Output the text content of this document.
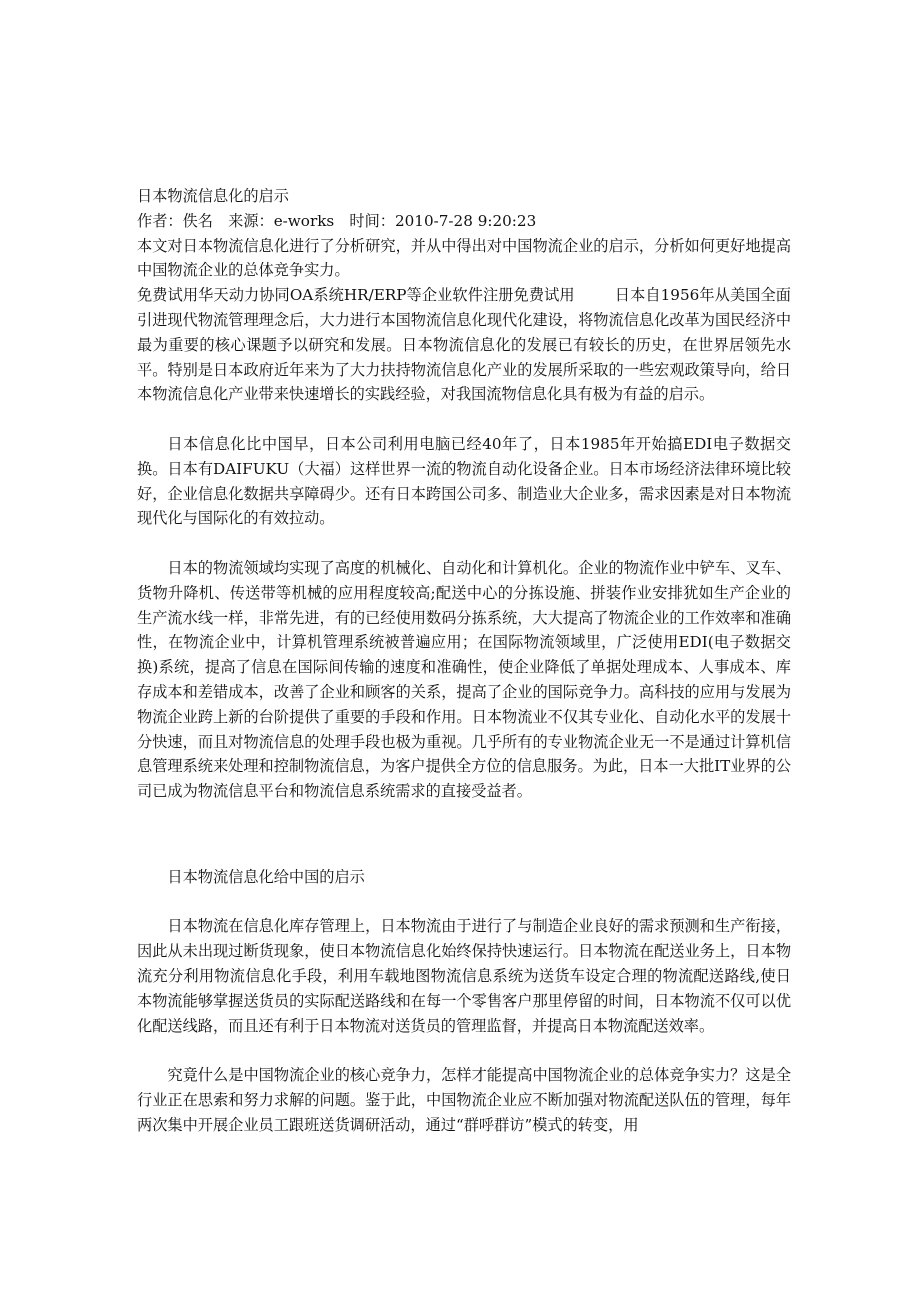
日本物流信息化的启示

作者：佚名　来源：e-works　时间：2010-7-28 9:20:23

本文对日本物流信息化进行了分析研究，并从中得出对中国物流企业的启示，分析如何更好地提高中国物流企业的总体竞争实力。

免费试用华天动力协同OA系统HR/ERP等企业软件注册免费试用	日本自1956年从美国全面引进现代物流管理理念后，大力进行本国物流信息化现代化建设，将物流信息化改革为国民经济中最为重要的核心课题予以研究和发展。日本物流信息化的发展已有较长的历史，在世界居领先水平。特别是日本政府近年来为了大力扶持物流信息化产业的发展所采取的一些宏观政策导向，给日本物流信息化产业带来快速增长的实践经验，对我国流物信息化具有极为有益的启示。

日本信息化比中国早，日本公司利用电脑已经40年了，日本1985年开始搞EDI电子数据交换。日本有DAIFUKU（大福）这样世界一流的物流自动化设备企业。日本市场经济法律环境比较好，企业信息化数据共享障碍少。还有日本跨国公司多、制造业大企业多，需求因素是对日本物流现代化与国际化的有效拉动。

日本的物流领域均实现了高度的机械化、自动化和计算机化。企业的物流作业中铲车、叉车、货物升降机、传送带等机械的应用程度较高;配送中心的分拣设施、拼装作业安排犹如生产企业的生产流水线一样，非常先进，有的已经使用数码分拣系统，大大提高了物流企业的工作效率和准确性，在物流企业中，计算机管理系统被普遍应用；在国际物流领域里，广泛使用EDI(电子数据交换)系统，提高了信息在国际间传输的速度和准确性，使企业降低了单据处理成本、人事成本、库存成本和差错成本，改善了企业和顾客的关系，提高了企业的国际竞争力。高科技的应用与发展为物流企业跨上新的台阶提供了重要的手段和作用。日本物流业不仅其专业化、自动化水平的发展十分快速，而且对物流信息的处理手段也极为重视。几乎所有的专业物流企业无一不是通过计算机信息管理系统来处理和控制物流信息，为客户提供全方位的信息服务。为此，日本一大批IT业界的公司已成为物流信息平台和物流信息系统需求的直接受益者。

日本物流信息化给中国的启示

日本物流在信息化库存管理上，日本物流由于进行了与制造企业良好的需求预测和生产衔接，因此从未出现过断货现象，使日本物流信息化始终保持快速运行。日本物流在配送业务上，日本物流充分利用物流信息化手段，利用车载地图物流信息系统为送货车设定合理的物流配送路线,使日本物流能够掌握送货员的实际配送路线和在每一个零售客户那里停留的时间，日本物流不仅可以优化配送线路，而且还有利于日本物流对送货员的管理监督，并提高日本物流配送效率。

究竟什么是中国物流企业的核心竞争力，怎样才能提高中国物流企业的总体竞争实力？这是全行业正在思索和努力求解的问题。鉴于此，中国物流企业应不断加强对物流配送队伍的管理，每年两次集中开展企业员工跟班送货调研活动，通过“群呼群访”模式的转变，用
